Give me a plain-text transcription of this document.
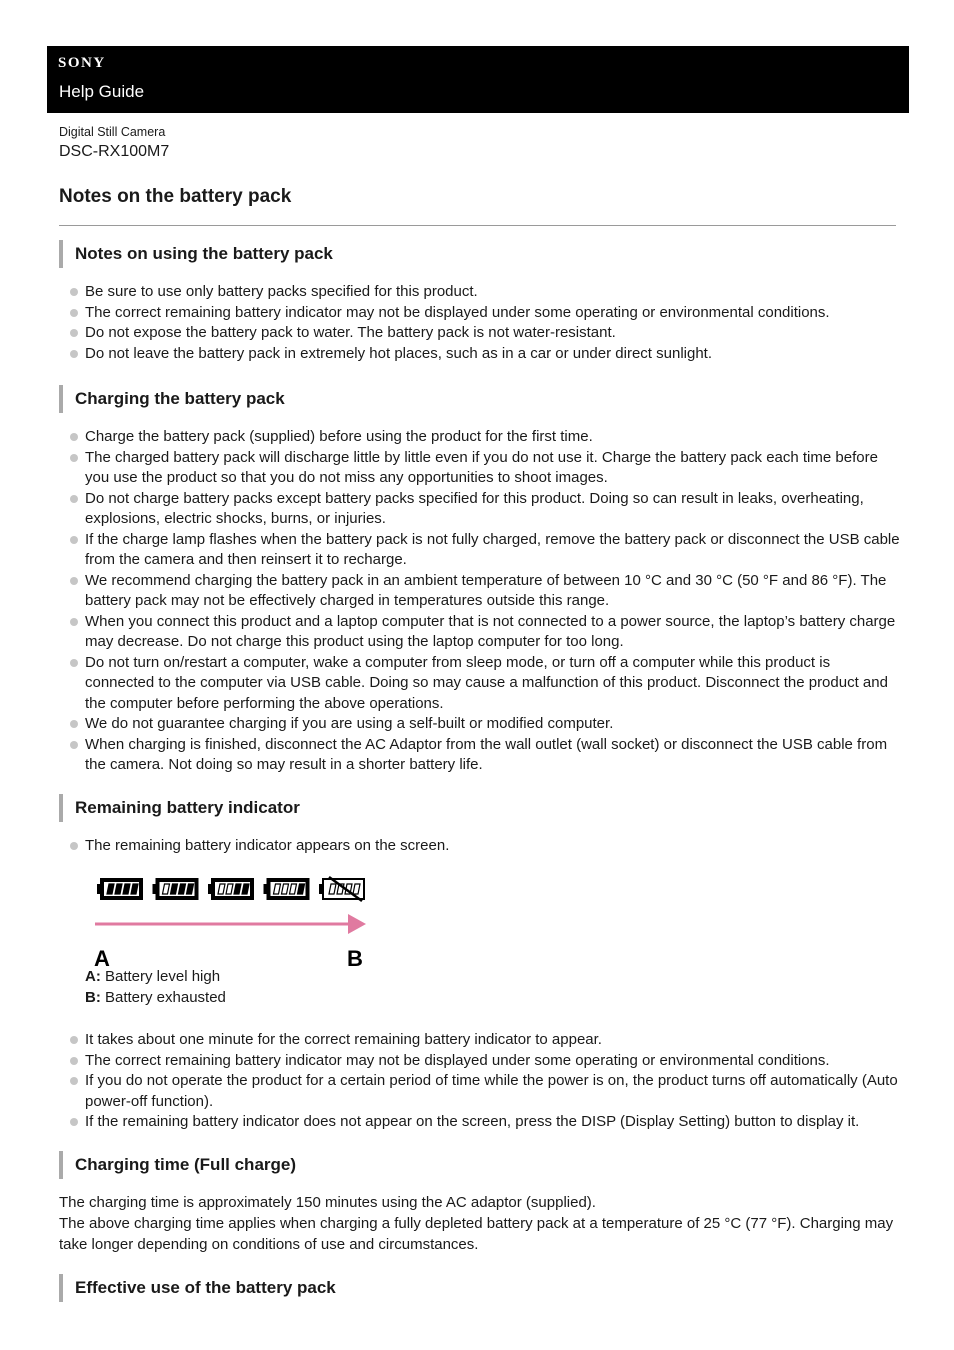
SONY
Help Guide
Digital Still Camera
DSC-RX100M7
Notes on the battery pack
Notes on using the battery pack
Be sure to use only battery packs specified for this product.
The correct remaining battery indicator may not be displayed under some operating or environmental conditions.
Do not expose the battery pack to water. The battery pack is not water-resistant.
Do not leave the battery pack in extremely hot places, such as in a car or under direct sunlight.
Charging the battery pack
Charge the battery pack (supplied) before using the product for the first time.
The charged battery pack will discharge little by little even if you do not use it. Charge the battery pack each time before you use the product so that you do not miss any opportunities to shoot images.
Do not charge battery packs except battery packs specified for this product. Doing so can result in leaks, overheating, explosions, electric shocks, burns, or injuries.
If the charge lamp flashes when the battery pack is not fully charged, remove the battery pack or disconnect the USB cable from the camera and then reinsert it to recharge.
We recommend charging the battery pack in an ambient temperature of between 10 °C and 30 °C (50 °F and 86 °F). The battery pack may not be effectively charged in temperatures outside this range.
When you connect this product and a laptop computer that is not connected to a power source, the laptop’s battery charge may decrease. Do not charge this product using the laptop computer for too long.
Do not turn on/restart a computer, wake a computer from sleep mode, or turn off a computer while this product is connected to the computer via USB cable. Doing so may cause a malfunction of this product. Disconnect the product and the computer before performing the above operations.
We do not guarantee charging if you are using a self-built or modified computer.
When charging is finished, disconnect the AC Adaptor from the wall outlet (wall socket) or disconnect the USB cable from the camera. Not doing so may result in a shorter battery life.
Remaining battery indicator
The remaining battery indicator appears on the screen.
A	B
A: Battery level high
B: Battery exhausted
It takes about one minute for the correct remaining battery indicator to appear.
The correct remaining battery indicator may not be displayed under some operating or environmental conditions.
If you do not operate the product for a certain period of time while the power is on, the product turns off automatically (Auto power-off function).
If the remaining battery indicator does not appear on the screen, press the DISP (Display Setting) button to display it.
Charging time (Full charge)

The charging time is approximately 150 minutes using the AC adaptor (supplied).

The above charging time applies when charging a fully depleted battery pack at a temperature of 25 °C (77 °F). Charging may take longer depending on conditions of use and circumstances.

Effective use of the battery pack
